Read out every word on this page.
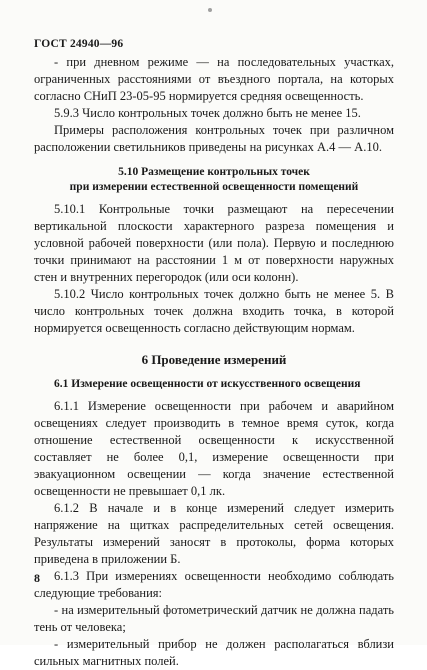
ГОСТ 24940—96

- при дневном режиме — на последовательных участках, ограниченных расстояниями от въездного портала, на которых согласно СНиП 23-05-95 нормируется средняя освещенность.

5.9.3 Число контрольных точек должно быть не менее 15.

Примеры расположения контрольных точек при различном расположении светильников приведены на рисунках А.4 — А.10.

5.10 Размещение контрольных точек
при измерении естественной освещенности помещений

5.10.1 Контрольные точки размещают на пересечении вертикальной плоскости характерного разреза помещения и условной рабочей поверхности (или пола). Первую и последнюю точки принимают на расстоянии 1 м от поверхности наружных стен и внутренних перегородок (или оси колонн).

5.10.2 Число контрольных точек должно быть не менее 5. В число контрольных точек должна входить точка, в которой нормируется освещенность согласно действующим нормам.

6 Проведение измерений
6.1 Измерение освещенности от искусственного освещения

6.1.1 Измерение освещенности при рабочем и аварийном освещениях следует производить в темное время суток, когда отношение естественной освещенности к искусственной составляет не более 0,1, измерение освещенности при эвакуационном освещении — когда значение естественной освещенности не превышает 0,1 лк.

6.1.2 В начале и в конце измерений следует измерить напряжение на щитках распределительных сетей освещения. Результаты измерений заносят в протоколы, форма которых приведена в приложении Б.

6.1.3 При измерениях освещенности необходимо соблюдать следующие требования:

- на измерительный фотометрический датчик не должна падать тень от человека;

- измерительный прибор не должен располагаться вблизи сильных магнитных полей.

8
